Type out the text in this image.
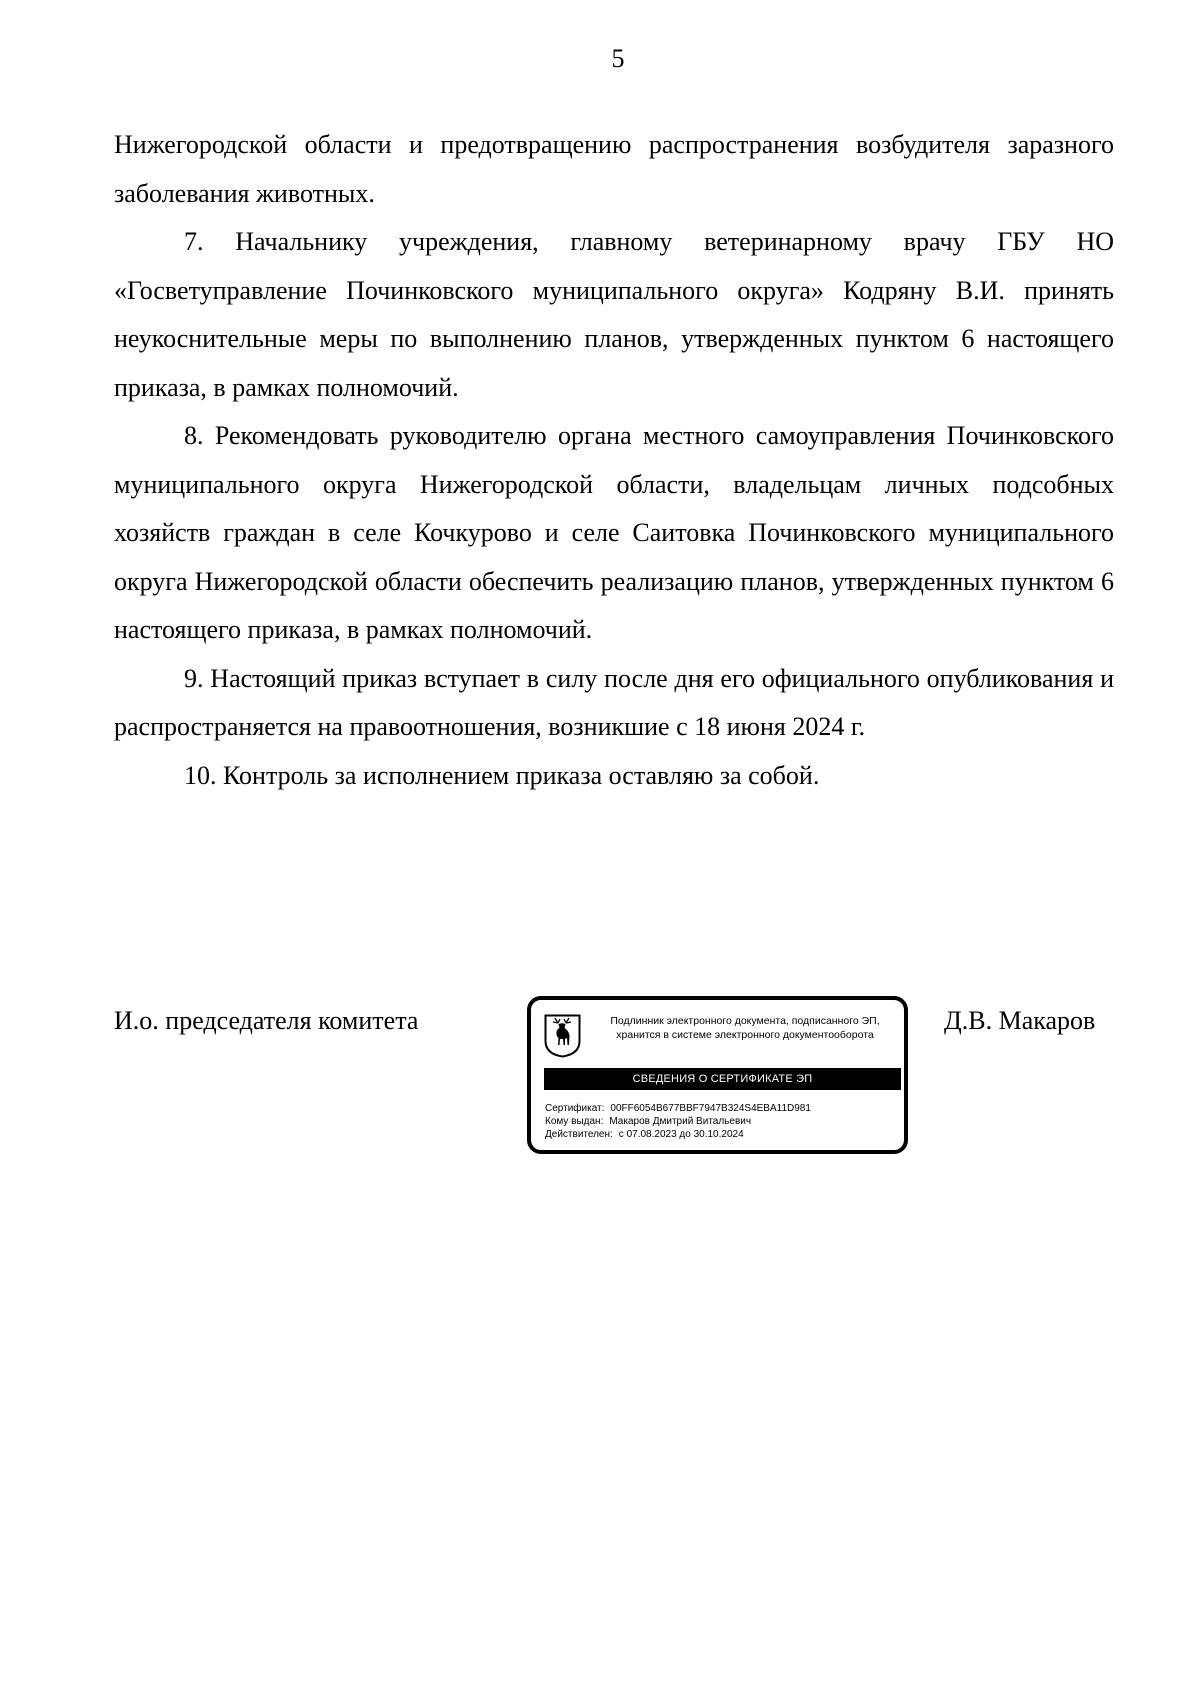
5

Нижегородской области и предотвращению распространения возбудителя заразного заболевания животных.

7. Начальнику учреждения, главному ветеринарному врачу ГБУ НО «Госветуправление Починковского муниципального округа» Кодряну В.И. принять неукоснительные меры по выполнению планов, утвержденных пунктом 6 настоящего приказа, в рамках полномочий.

8. Рекомендовать руководителю органа местного самоуправления Починковского муниципального округа Нижегородской области, владельцам личных подсобных хозяйств граждан в селе Кочкурово и селе Саитовка Починковского муниципального округа Нижегородской области обеспечить реализацию планов, утвержденных пунктом 6 настоящего приказа, в рамках полномочий.

9. Настоящий приказ вступает в силу после дня его официального опубликования и распространяется на правоотношения, возникшие с 18 июня 2024 г.

10. Контроль за исполнением приказа оставляю за собой.

И.о. председателя комитета	Подлинник электронного документа, подписанного ЭП,
хранится в системе электронного документооборота
СВЕДЕНИЯ О СЕРТИФИКАТЕ ЭП
Сертификат: 00FF6054B677BBF7947B324S4EBA11D981
Кому выдан: Макаров Дмитрий Витальевич
Действителен: с 07.08.2023 до 30.10.2024
Д.В. Макаров
